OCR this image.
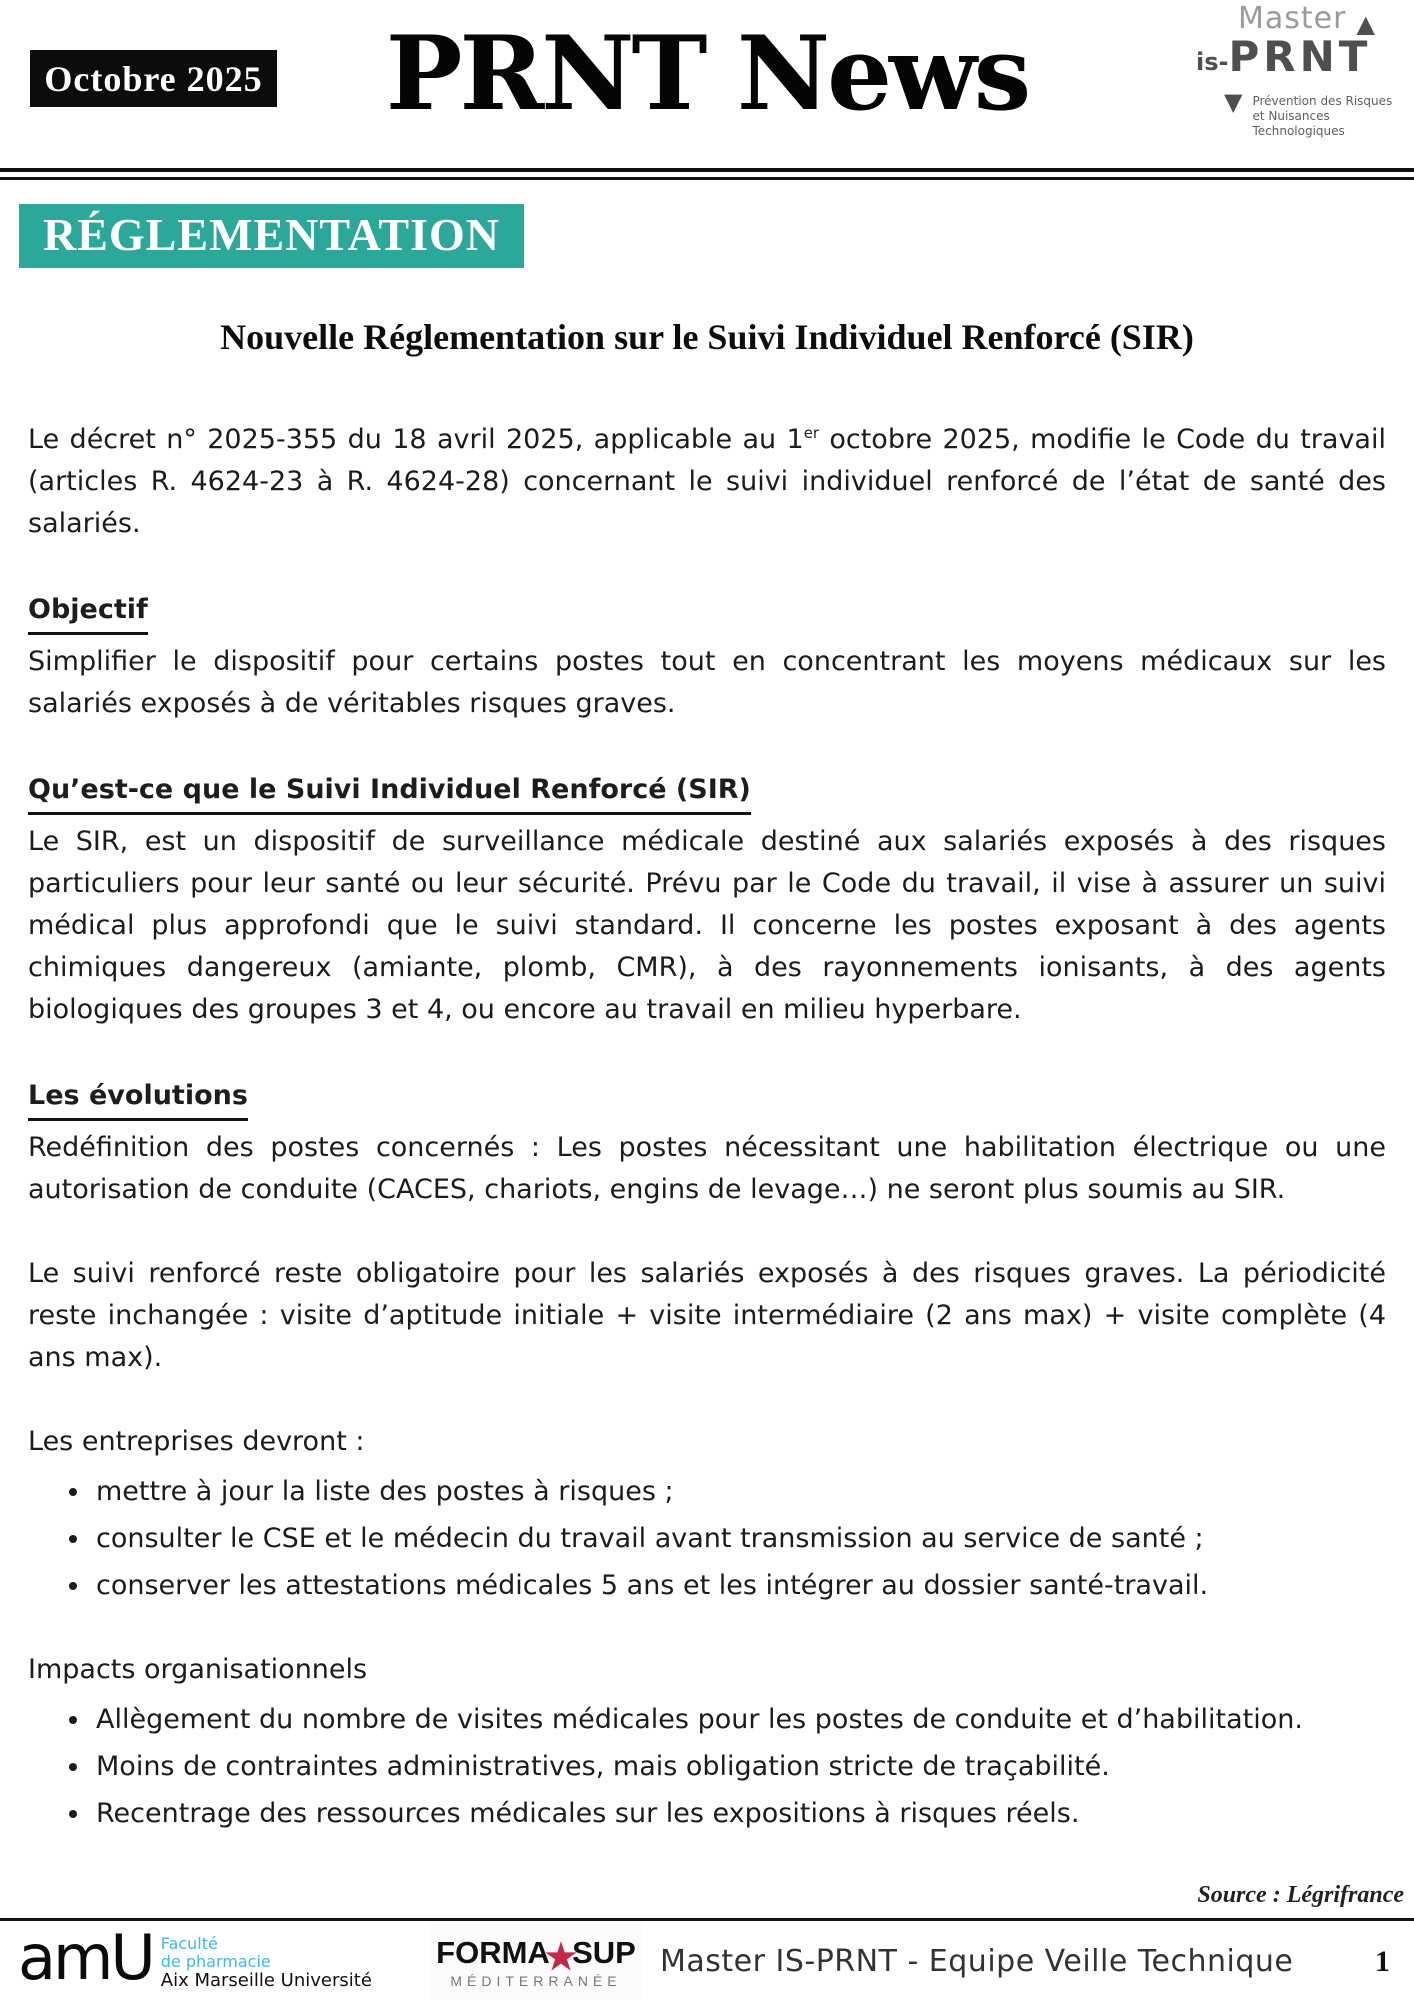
Octobre 2025	PRNT News	Master ▲
is- PRNT
▼ Prévention des Risques
et Nuisances Technologiques
RÉGLEMENTATION
Nouvelle Réglementation sur le Suivi Individuel Renforcé (SIR)

Le décret n° 2025-355 du 18 avril 2025, applicable au 1er octobre 2025, modifie le Code du travail (articles R. 4624-23 à R. 4624-28) concernant le suivi individuel renforcé de l’état de santé des salariés.

Objectif

Simplifier le dispositif pour certains postes tout en concentrant les moyens médicaux sur les salariés exposés à de véritables risques graves.

Qu’est-ce que le Suivi Individuel Renforcé (SIR)

Le SIR, est un dispositif de surveillance médicale destiné aux salariés exposés à des risques particuliers pour leur santé ou leur sécurité. Prévu par le Code du travail, il vise à assurer un suivi médical plus approfondi que le suivi standard. Il concerne les postes exposant à des agents chimiques dangereux (amiante, plomb, CMR), à des rayonnements ionisants, à des agents biologiques des groupes 3 et 4, ou encore au travail en milieu hyperbare.

Les évolutions

Redéfinition des postes concernés : Les postes nécessitant une habilitation électrique ou une autorisation de conduite (CACES, chariots, engins de levage…) ne seront plus soumis au SIR.

Le suivi renforcé reste obligatoire pour les salariés exposés à des risques graves. La périodicité reste inchangée : visite d’aptitude initiale + visite intermédiaire (2 ans max) + visite complète (4 ans max).

Les entreprises devront :

• mettre à jour la liste des postes à risques ;
• consulter le CSE et le médecin du travail avant transmission au service de santé ;
• conserver les attestations médicales 5 ans et les intégrer au dossier santé-travail.

Impacts organisationnels

• Allègement du nombre de visites médicales pour les postes de conduite et d’habilitation.
• Moins de contraintes administratives, mais obligation stricte de traçabilité.
• Recentrage des ressources médicales sur les expositions à risques réels.
Source : Légrifrance
amU Faculté
de pharmacie
Aix Marseille Université
FORMA
★
SUP
MÉDITERRANÉE
Master IS-PRNT - Equipe Veille Technique	1
